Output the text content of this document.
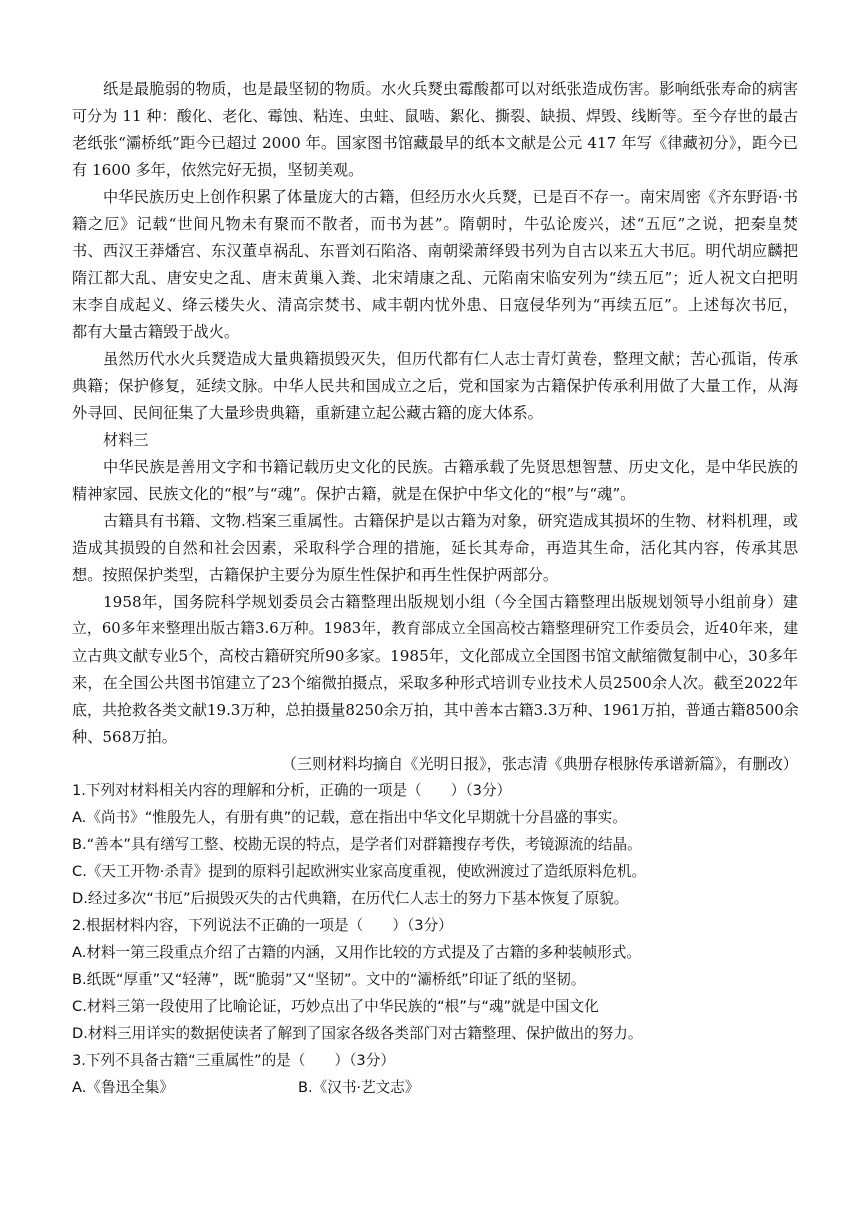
纸是最脆弱的物质，也是最坚韧的物质。水火兵燹虫霉酸都可以对纸张造成伤害。影响纸张寿命的病害
可分为 11 种：酸化、老化、霉蚀、粘连、虫蛀、鼠啮、絮化、撕裂、缺损、焊毁、线断等。至今存世的最古
老纸张“灞桥纸”距今已超过 2000 年。国家图书馆藏最早的纸本文献是公元 417 年写《律藏初分》，距今已
有 1600 多年，依然完好无损，坚韧美观。
中华民族历史上创作积累了体量庞大的古籍，但经历水火兵燹，已是百不存一。南宋周密《齐东野语·书
籍之厄》记载“世间凡物未有聚而不散者，而书为甚”。隋朝时，牛弘论废兴，述“五厄”之说，把秦皇焚
书、西汉王莽燔宫、东汉董卓祸乱、东晋刘石陷洛、南朝梁萧绎毁书列为自古以来五大书厄。明代胡应麟把
隋江都大乱、唐安史之乱、唐末黄巢入粪、北宋靖康之乱、元陷南宋临安列为“续五厄”；近人祝文白把明
末李自成起义、绛云楼失火、清高宗焚书、咸丰朝内忧外患、日寇侵华列为“再续五厄”。上述每次书厄，
都有大量古籍毁于战火。
虽然历代水火兵燹造成大量典籍损毁灭失，但历代都有仁人志士青灯黄卷，整理文献；苦心孤诣，传承
典籍；保护修复，延续文脉。中华人民共和国成立之后，党和国家为古籍保护传承利用做了大量工作，从海
外寻回、民间征集了大量珍贵典籍，重新建立起公藏古籍的庞大体系。
材料三
中华民族是善用文字和书籍记载历史文化的民族。古籍承载了先贤思想智慧、历史文化，是中华民族的
精神家园、民族文化的“根”与“魂”。保护古籍，就是在保护中华文化的“根”与“魂”。
古籍具有书籍、文物.档案三重属性。古籍保护是以古籍为对象，研究造成其损坏的生物、材料机理，或
造成其损毁的自然和社会因素，采取科学合理的措施，延长其寿命，再造其生命，活化其内容，传承其思
想。按照保护类型，古籍保护主要分为原生性保护和再生性保护两部分。
1958年，国务院科学规划委员会古籍整理出版规划小组（今全国古籍整理出版规划领导小组前身）建
立，60多年来整理出版古籍3.6万种。1983年，教育部成立全国高校古籍整理研究工作委员会，近40年来，建
立古典文献专业5个，高校古籍研究所90多家。1985年，文化部成立全国图书馆文献缩微复制中心，30多年
来，在全国公共图书馆建立了23个缩微拍摄点，采取多种形式培训专业技术人员2500余人次。截至2022年
底，共抢救各类文献19.3万种，总拍摄量8250余万拍，其中善本古籍3.3万种、1961万拍，普通古籍8500余
种、568万拍。
（三则材料均摘自《光明日报》，张志清《典册存根脉传承谱新篇》，有删改）
1.下列对材料相关内容的理解和分析，正确的一项是（　　）（3分）
A.《尚书》“惟殷先人，有册有典”的记载，意在指出中华文化早期就十分昌盛的事实。
B.“善本”具有缮写工整、校勘无误的特点，是学者们对群籍搜存考佚，考镜源流的结晶。
C.《天工开物·杀青》提到的原料引起欧洲实业家高度重视，使欧洲渡过了造纸原料危机。
D.经过多次“书厄”后损毁灭失的古代典籍，在历代仁人志士的努力下基本恢复了原貌。
2.根据材料内容，下列说法不正确的一项是（　　）（3分）
A.材料一第三段重点介绍了古籍的内涵，又用作比较的方式提及了古籍的多种装帧形式。
B.纸既“厚重”又“轻薄”，既“脆弱”又“坚韧”。文中的“灞桥纸”印证了纸的坚韧。
C.材料三第一段使用了比喻论证，巧妙点出了中华民族的“根”与“魂”就是中国文化
D.材料三用详实的数据使读者了解到了国家各级各类部门对古籍整理、保护做出的努力。
3.下列不具备古籍“三重属性”的是（　　）（3分）
A.《鲁迅全集》	B.《汉书·艺文志》
